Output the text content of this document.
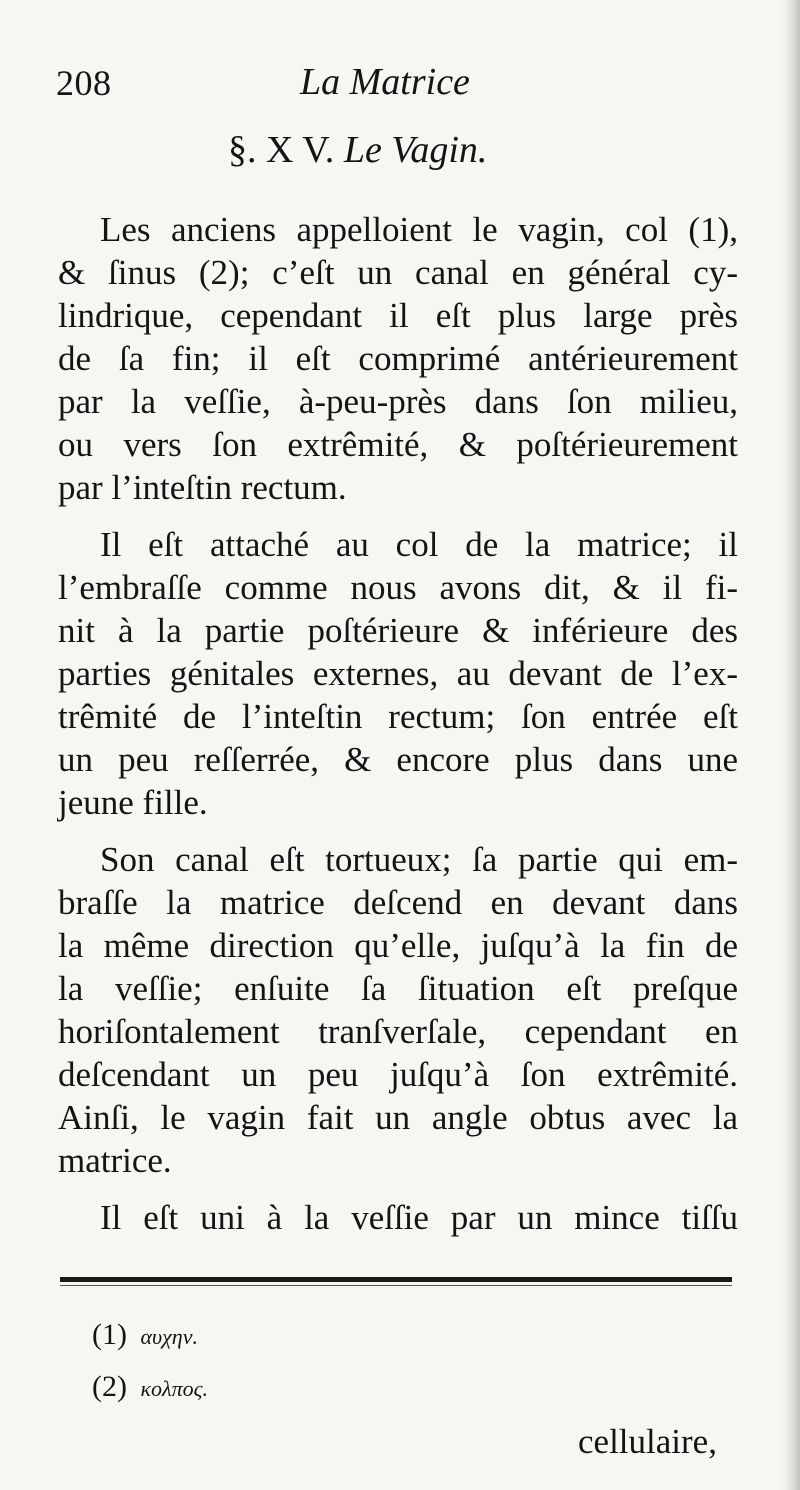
208	La Matrice
§. X V. Le Vagin.
Les anciens appelloient le vagin, col (1),
& ſinus (2); c’eſt un canal en général cy-
lindrique, cependant il eſt plus large près
de ſa fin; il eſt comprimé antérieurement
par la veſſie, à-peu-près dans ſon milieu,
ou vers ſon extrêmité, & poſtérieurement
par l’inteſtin rectum.
Il eſt attaché au col de la matrice; il
l’embraſſe comme nous avons dit, & il fi-
nit à la partie poſtérieure & inférieure des
parties génitales externes, au devant de l’ex-
trêmité de l’inteſtin rectum; ſon entrée eſt
un peu reſſerrée, & encore plus dans une
jeune fille.
Son canal eſt tortueux; ſa partie qui em-
braſſe la matrice deſcend en devant dans
la même direction qu’elle, juſqu’à la fin de
la veſſie; enſuite ſa ſituation eſt preſque
horiſontalement tranſverſale, cependant en
deſcendant un peu juſqu’à ſon extrêmité.
Ainſi, le vagin fait un angle obtus avec la
matrice.
Il eſt uni à la veſſie par un mince tiſſu
(1) αυχην.
(2) κολπος.
cellulaire,
